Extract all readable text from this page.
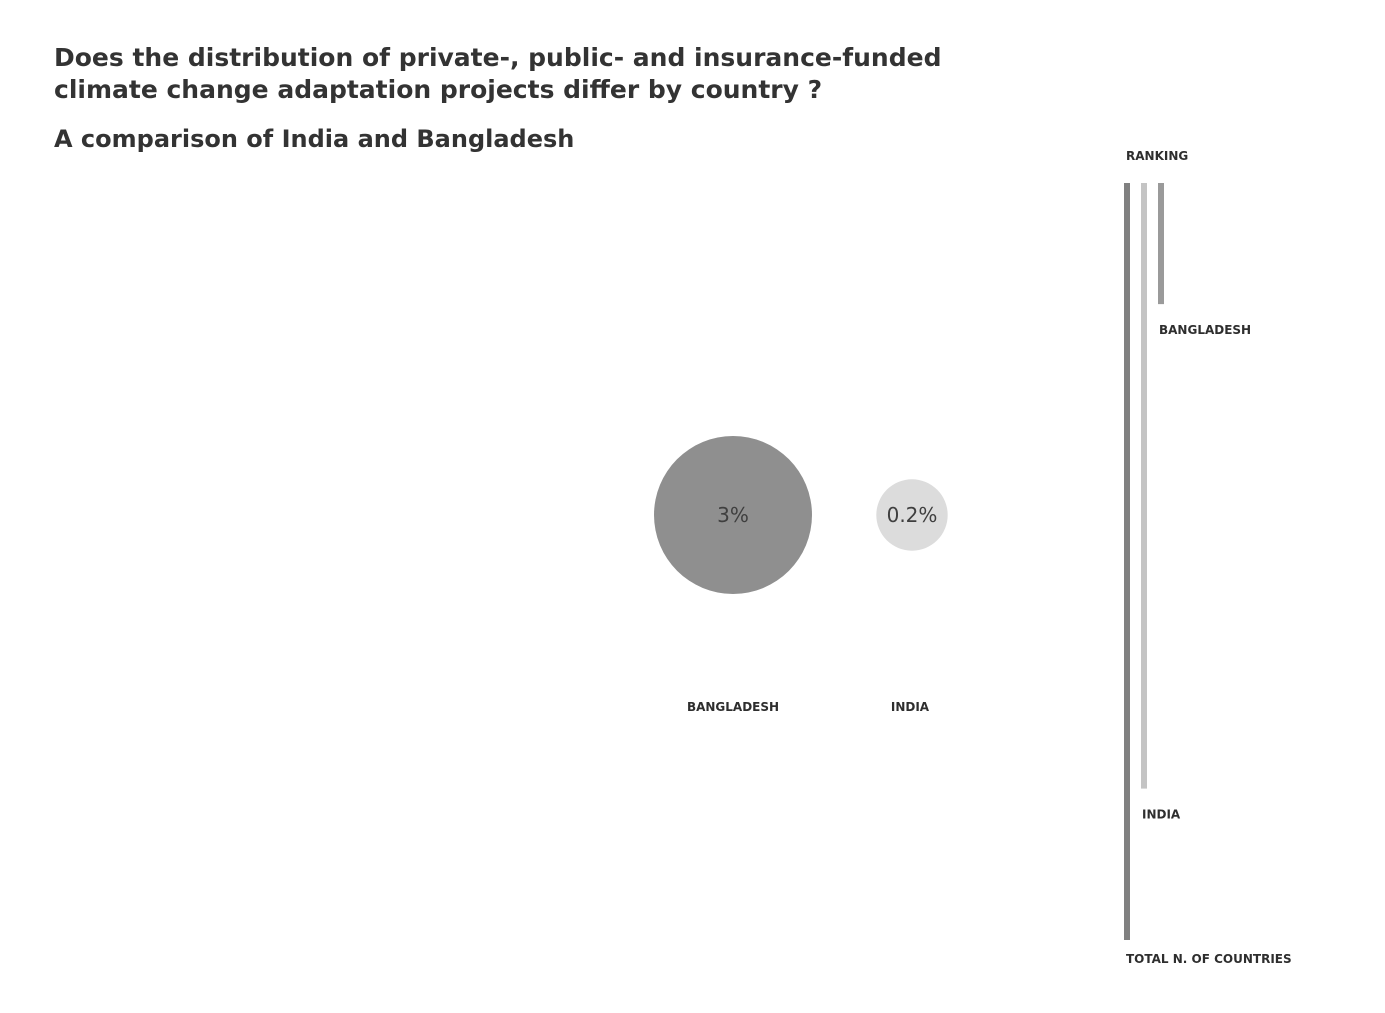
Does the distribution of private-, public- and insurance-funded climate change adaptation projects differ by country ?
A comparison of India and Bangladesh
3%
BANGLADESH
0.2%
INDIA
RANKING
BANGLADESH
INDIA
TOTAL N. OF COUNTRIES
